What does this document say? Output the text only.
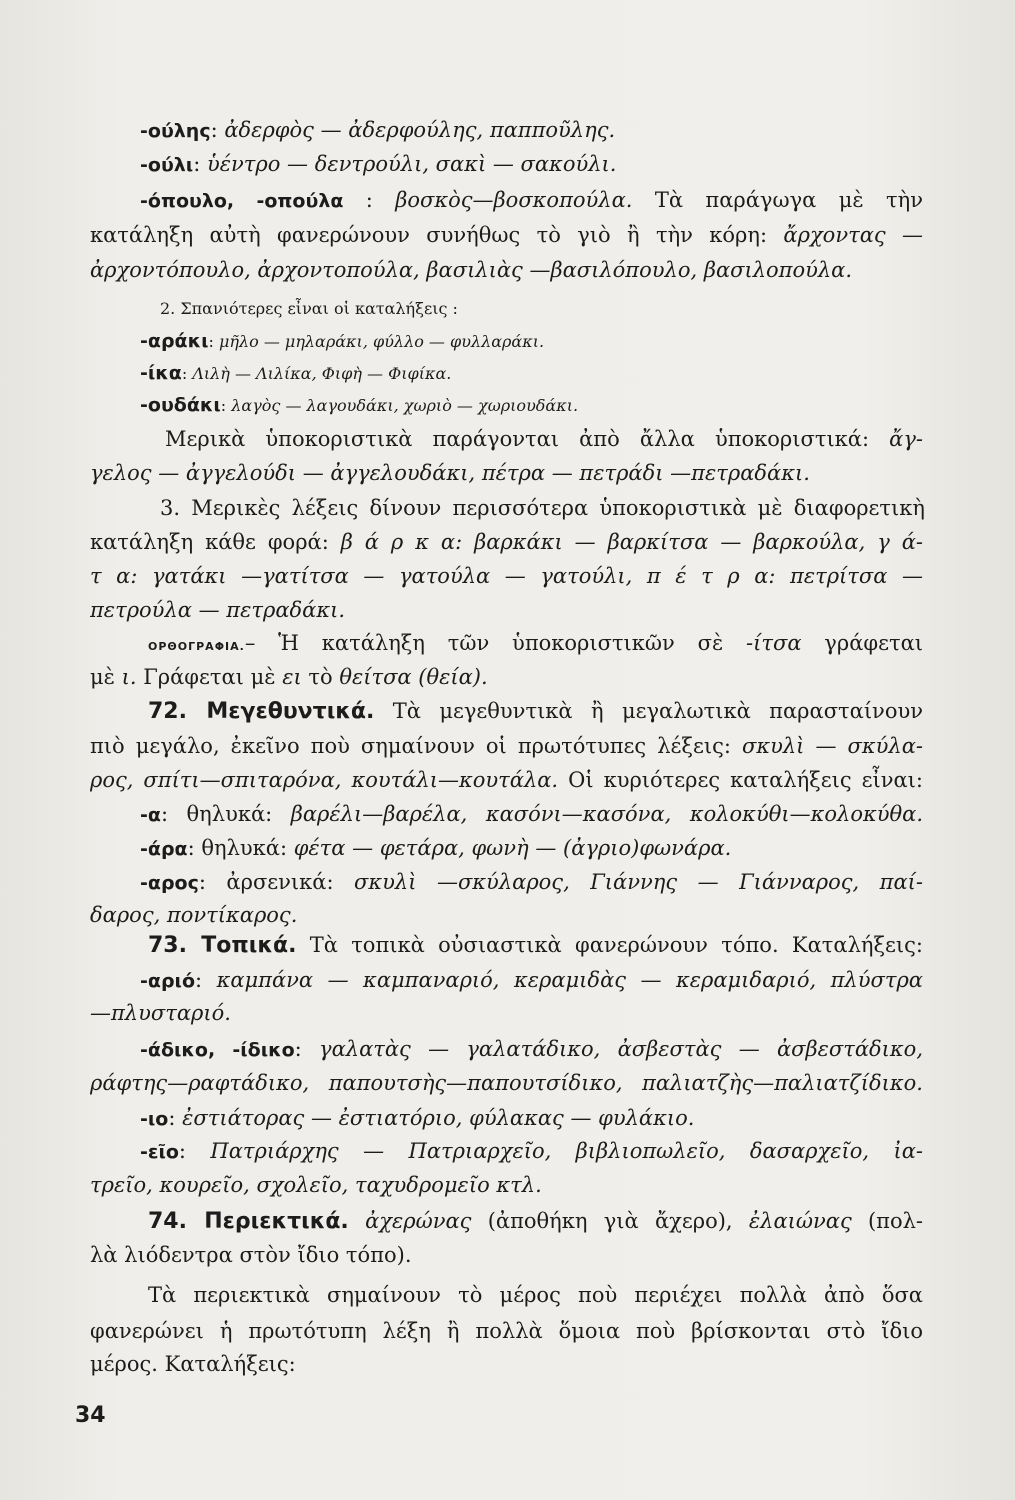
-ούλης: ἀδερφὸς — ἀδερφούλης, παπποῦλης.
-ούλι: ὑέντρο — δεντρούλι, σακὶ — σακούλι.
-όπουλο, -οπούλα : βοσκὸς—βοσκοπούλα. Τὰ παράγωγα μὲ τὴν
κατάληξη αὐτὴ φανερώνουν συνήθως τὸ γιὸ ἢ τὴν κόρη: ἄρχοντας —
ἀρχοντόπουλο, ἀρχοντοπούλα, βασιλιὰς —βασιλόπουλο, βασιλοπούλα.
2. Σπανιότερες εἶναι οἱ καταλήξεις :
-αράκι: μῆλο — μηλαράκι, φύλλο — φυλλαράκι.
-ίκα: Λιλὴ — Λιλίκα, Φιφὴ — Φιφίκα.
-ουδάκι: λαγὸς — λαγουδάκι, χωριὸ — χωριουδάκι.
Μερικὰ ὑποκοριστικὰ παράγονται ἀπὸ ἄλλα ὑποκοριστικά: ἄγ-
γελος — ἀγγελούδι — ἀγγελουδάκι, πέτρα — πετράδι —πετραδάκι.
3. Μερικὲς λέξεις δίνουν περισσότερα ὑποκοριστικὰ μὲ διαφορετικὴ
κατάληξη κάθε φορά: β ά ρ κ α: βαρκάκι — βαρκίτσα — βαρκούλα, γ ά-
τ α: γατάκι —γατίτσα — γατούλα — γατούλι, π έ τ ρ α: πετρίτσα —
πετρούλα — πετραδάκι.
ΟΡΘΟΓΡΑΦΙΑ.– Ἡ κατάληξη τῶν ὑποκοριστικῶν σὲ -ίτσα γράφεται
μὲ ι. Γράφεται μὲ ει τὸ θείτσα (θεία).
72. Μεγεθυντικά. Τὰ μεγεθυντικὰ ἢ μεγαλωτικὰ παρασταίνουν
πιὸ μεγάλο, ἐκεῖνο ποὺ σημαίνουν οἱ πρωτότυπες λέξεις: σκυλὶ — σκύλα-
ρος, σπίτι—σπιταρόνα, κουτάλι—κουτάλα. Οἱ κυριότερες καταλήξεις εἶναι:
-α: θηλυκά: βαρέλι—βαρέλα, κασόνι—κασόνα, κολοκύθι—κολοκύθα.
-άρα: θηλυκά: φέτα — φετάρα, φωνὴ — (ἀγριο)φωνάρα.
-αρος: ἀρσενικά: σκυλὶ —σκύλαρος, Γιάννης — Γιάνναρος, παί-
δαρος, ποντίκαρος.
73. Τοπικά. Τὰ τοπικὰ οὐσιαστικὰ φανερώνουν τόπο. Καταλήξεις:
-αριό: καμπάνα — καμπαναριό, κεραμιδὰς — κεραμιδαριό, πλύστρα
—πλυσταριό.
-άδικο, -ίδικο: γαλατὰς — γαλατάδικο, ἀσβεστὰς — ἀσβεστάδικο,
ράφτης—ραφτάδικο, παπουτσὴς—παπουτσίδικο, παλιατζὴς—παλιατζίδικο.
-ιο: ἐστιάτορας — ἐστιατόριο, φύλακας — φυλάκιο.
-εῖο: Πατριάρχης — Πατριαρχεῖο, βιβλιοπωλεῖο, δασαρχεῖο, ἰα-
τρεῖο, κουρεῖο, σχολεῖο, ταχυδρομεῖο κτλ.
74. Περιεκτικά. ἀχερώνας (ἀποθήκη γιὰ ἄχερο), ἐλαιώνας (πολ-
λὰ λιόδεντρα στὸν ἴδιο τόπο).
Τὰ περιεκτικὰ σημαίνουν τὸ μέρος ποὺ περιέχει πολλὰ ἀπὸ ὅσα
φανερώνει ἡ πρωτότυπη λέξη ἢ πολλὰ ὅμοια ποὺ βρίσκονται στὸ ἴδιο
μέρος. Καταλήξεις:
34
